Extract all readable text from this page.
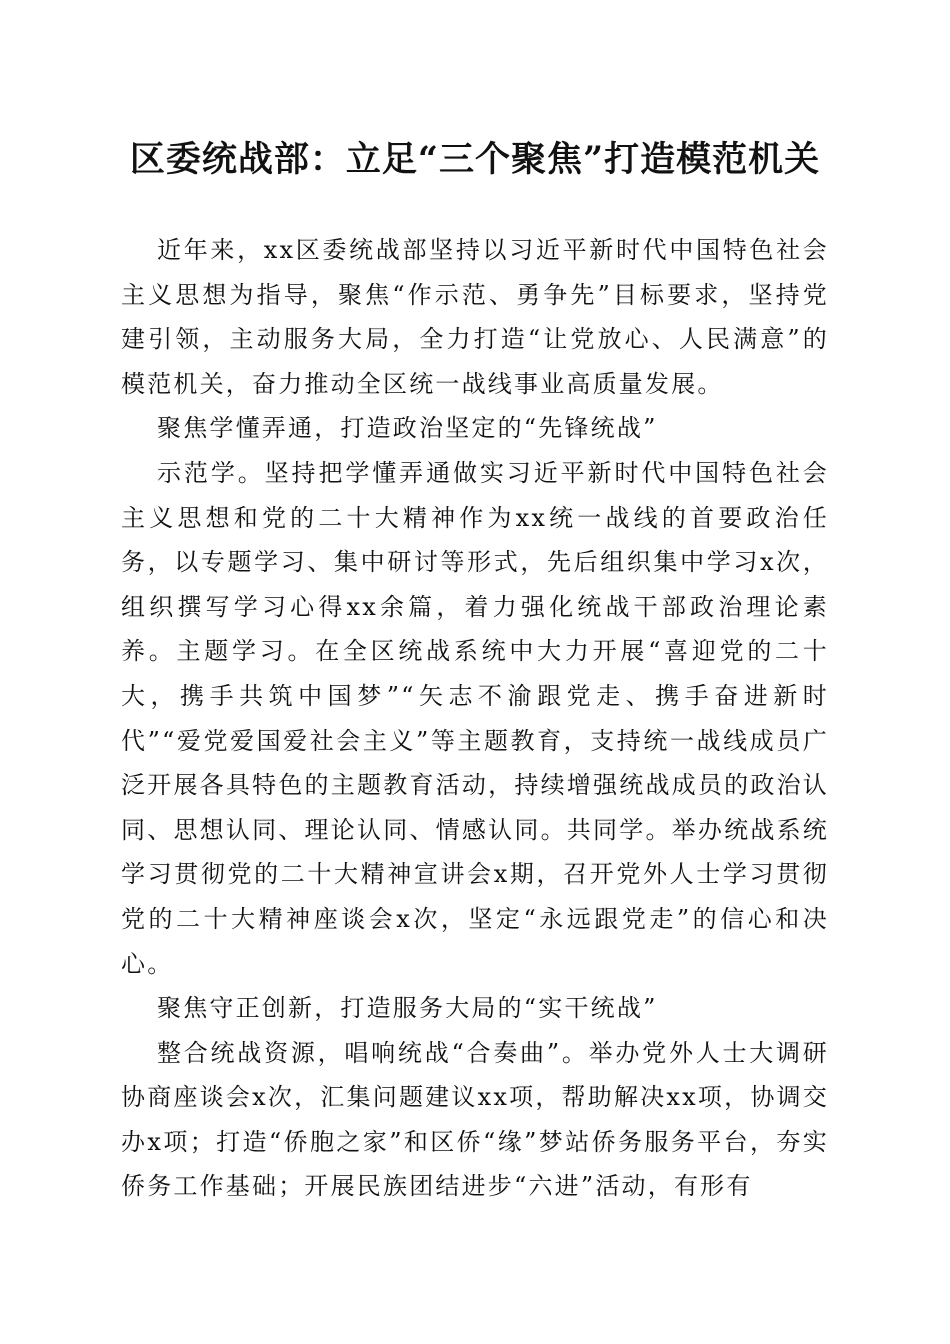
区委统战部：立足“三个聚焦”打造模范机关

近年来，xx区委统战部坚持以习近平新时代中国特色社会主义思想为指导，聚焦“作示范、勇争先”目标要求，坚持党建引领，主动服务大局，全力打造“让党放心、人民满意”的模范机关，奋力推动全区统一战线事业高质量发展。

聚焦学懂弄通，打造政治坚定的“先锋统战”

示范学。坚持把学懂弄通做实习近平新时代中国特色社会主义思想和党的二十大精神作为xx统一战线的首要政治任务，以专题学习、集中研讨等形式，先后组织集中学习x次，组织撰写学习心得xx余篇，着力强化统战干部政治理论素养。主题学习。在全区统战系统中大力开展“喜迎党的二十大，携手共筑中国梦”“矢志不渝跟党走、携手奋进新时代”“爱党爱国爱社会主义”等主题教育，支持统一战线成员广泛开展各具特色的主题教育活动，持续增强统战成员的政治认同、思想认同、理论认同、情感认同。共同学。举办统战系统学习贯彻党的二十大精神宣讲会x期，召开党外人士学习贯彻党的二十大精神座谈会x次，坚定“永远跟党走”的信心和决心。

聚焦守正创新，打造服务大局的“实干统战”

整合统战资源，唱响统战“合奏曲”。举办党外人士大调研协商座谈会x次，汇集问题建议xx项，帮助解决xx项，协调交办x项；打造“侨胞之家”和区侨“缘”梦站侨务服务平台，夯实侨务工作基础；开展民族团结进步“六进”活动，有形有
